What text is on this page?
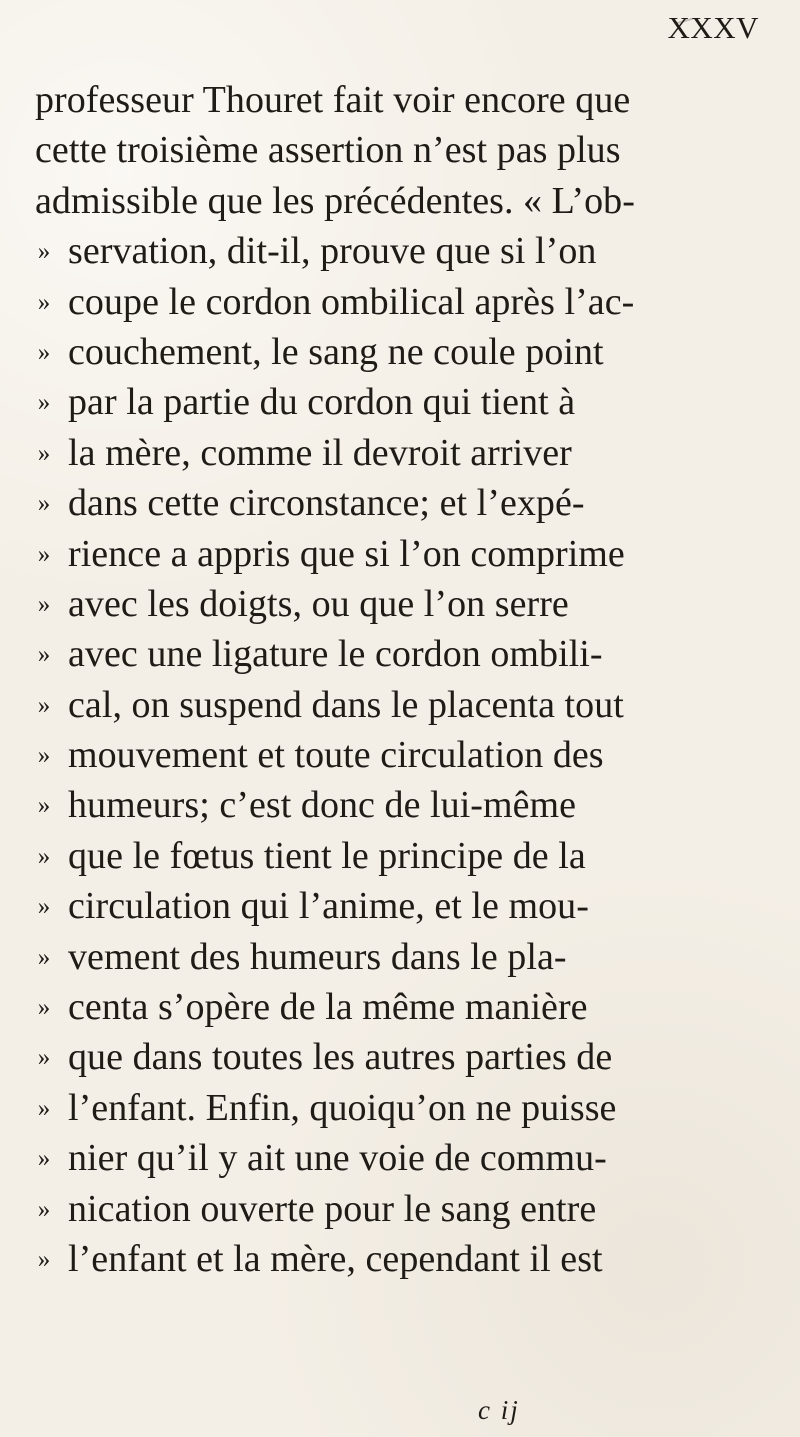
XXXV
professeur Thouret fait voir encore que
cette troisième assertion n’est pas plus
admissible que les précédentes. « L’ob-
» servation, dit-il, prouve que si l’on
» coupe le cordon ombilical après l’ac-
» couchement, le sang ne coule point
» par la partie du cordon qui tient à
» la mère, comme il devroit arriver
» dans cette circonstance; et l’expé-
» rience a appris que si l’on comprime
» avec les doigts, ou que l’on serre
» avec une ligature le cordon ombili-
» cal, on suspend dans le placenta tout
» mouvement et toute circulation des
» humeurs; c’est donc de lui-même
» que le fœtus tient le principe de la
» circulation qui l’anime, et le mou-
» vement des humeurs dans le pla-
» centa s’opère de la même manière
» que dans toutes les autres parties de
» l’enfant. Enfin, quoiqu’on ne puisse
» nier qu’il y ait une voie de commu-
» nication ouverte pour le sang entre
» l’enfant et la mère, cependant il est
c ij
